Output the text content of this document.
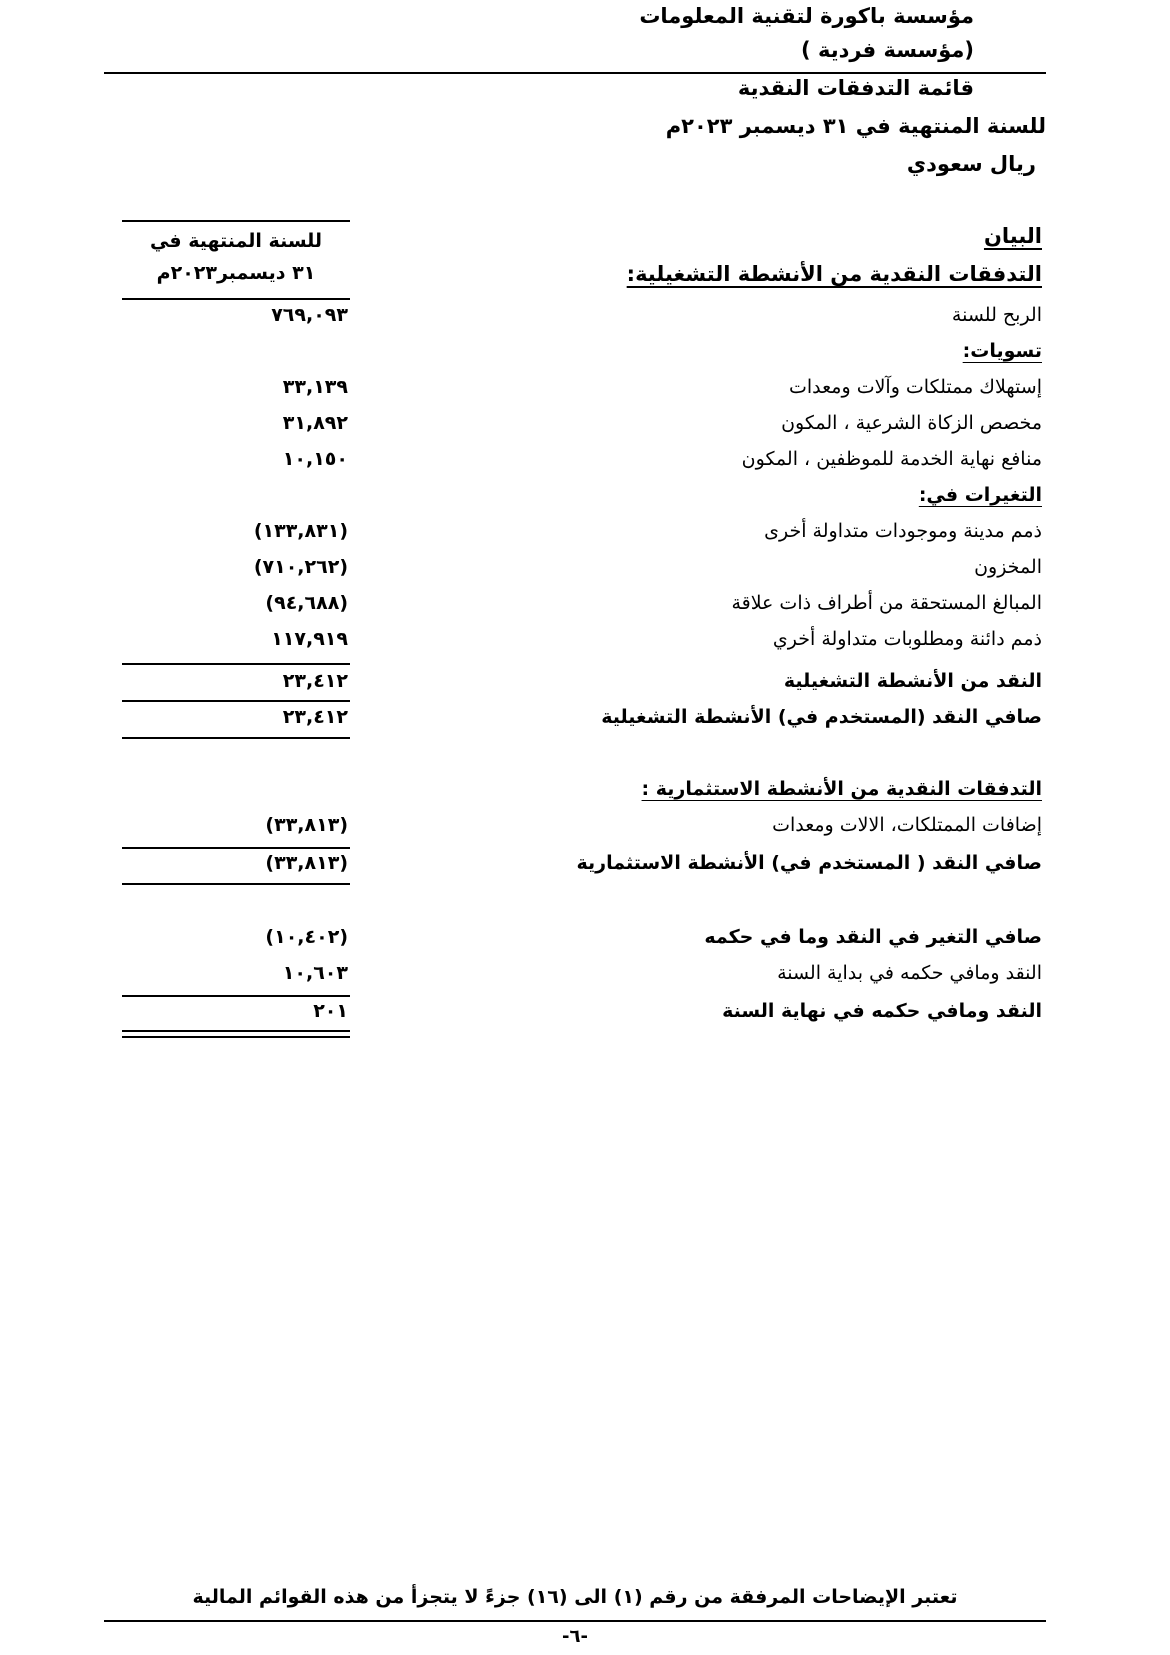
مؤسسة باكورة لتقنية المعلومات
(مؤسسة فردية )
قائمة التدفقات النقدية
للسنة المنتهية في ٣١ ديسمبر ٢٠٢٣م
ريال سعودي
البيان
للسنة المنتهية في
٣١ ديسمبر٢٠٢٣م	التدفقات النقدية من الأنشطة التشغيلية:
الربح للسنة
٧٦٩,٠٩٣
تسويات:
إستهلاك ممتلكات وآلات ومعدات
٣٣,١٣٩
مخصص الزكاة الشرعية ، المكون
٣١,٨٩٢
منافع نهاية الخدمة للموظفين ، المكون
١٠,١٥٠
التغيرات في:
ذمم مدينة وموجودات متداولة أخرى
(١٣٣,٨٣١)
المخزون
(٧١٠,٢٦٢)
المبالغ المستحقة من أطراف ذات علاقة
(٩٤,٦٨٨)
ذمم دائنة ومطلوبات متداولة أخري
١١٧,٩١٩
النقد من الأنشطة التشغيلية
٢٣,٤١٢
صافي النقد (المستخدم في) الأنشطة التشغيلية
٢٣,٤١٢
التدفقات النقدية من الأنشطة الاستثمارية :
إضافات الممتلكات، الالات ومعدات
(٣٣,٨١٣)
صافي النقد ( المستخدم في) الأنشطة الاستثمارية
(٣٣,٨١٣)
صافي التغير في النقد وما في حكمه
(١٠,٤٠٢)
النقد ومافي حكمه في بداية السنة
١٠,٦٠٣
النقد ومافي حكمه في نهاية السنة
٢٠١
تعتبر الإيضاحات المرفقة من رقم (١) الى (١٦) جزءً لا يتجزأ من هذه القوائم المالية
-٦-
